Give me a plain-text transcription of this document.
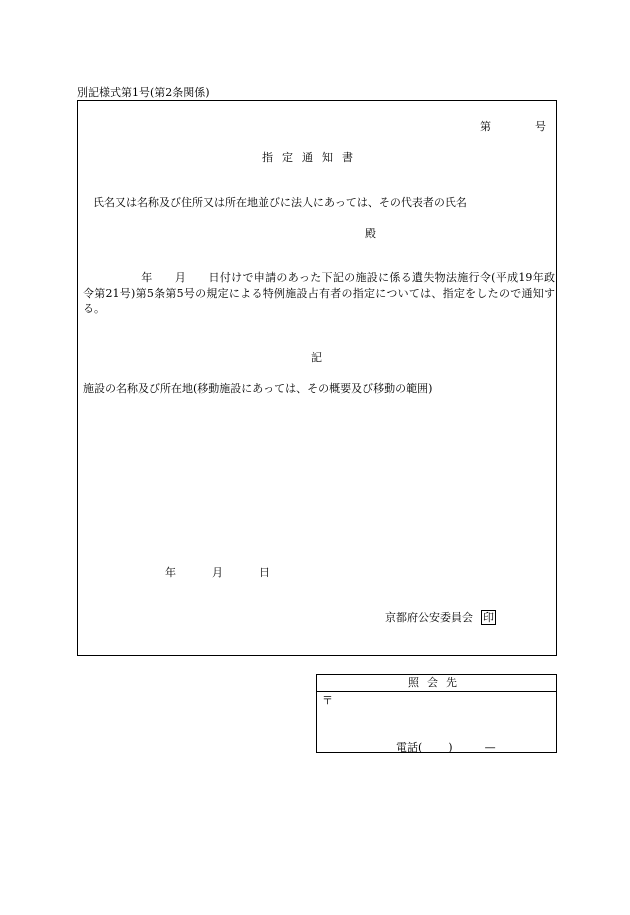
別記様式第1号(第2条関係)
第	号
指定通知書
氏名又は名称及び住所又は所在地並びに法人にあっては、その代表者の氏名
殿
年 月 日付けで申請のあった下記の施設に係る遺失物法施行令(平成19年政令第21号)第5条第5号の規定による特例施設占有者の指定については、指定をしたので通知する。
記
施設の名称及び所在地(移動施設にあっては、その概要及び移動の範囲)
年	月	日
京都府公安委員会 印
照会先
〒
電話( )	—
